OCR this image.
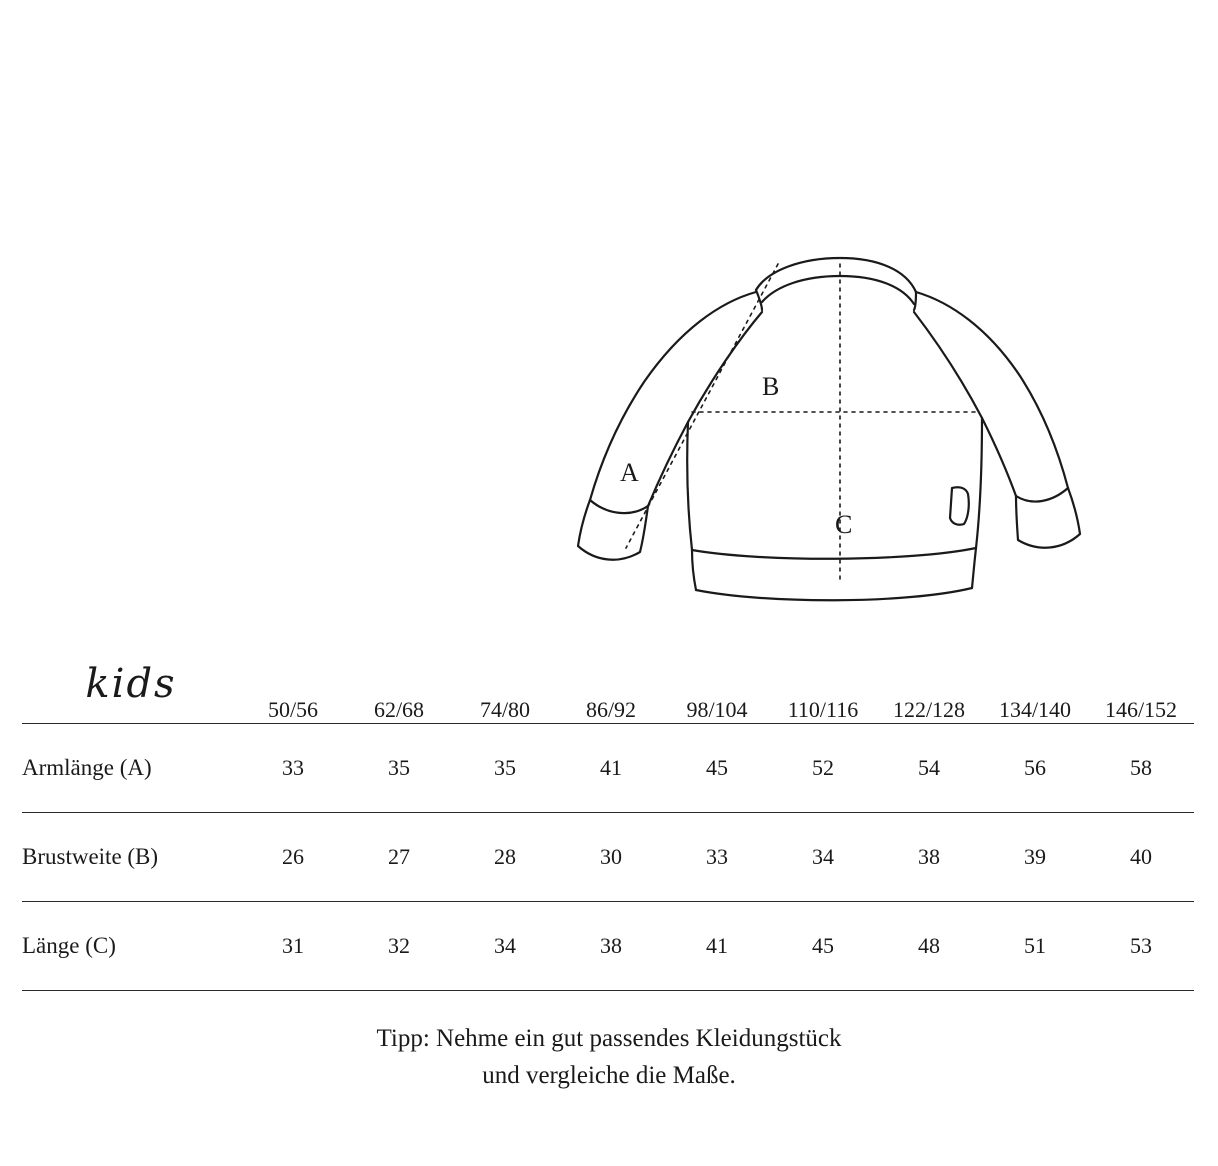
A
B
C
kids	50/56	62/68	74/80	86/92	98/104	110/116	122/128	134/140	146/152
Armlänge (A)	33	35	35	41	45	52	54	56	58
Brustweite (B)	26	27	28	30	33	34	38	39	40
Länge (C)	31	32	34	38	41	45	48	51	53
Tipp: Nehme ein gut passendes Kleidungstück
und vergleiche die Maße.
